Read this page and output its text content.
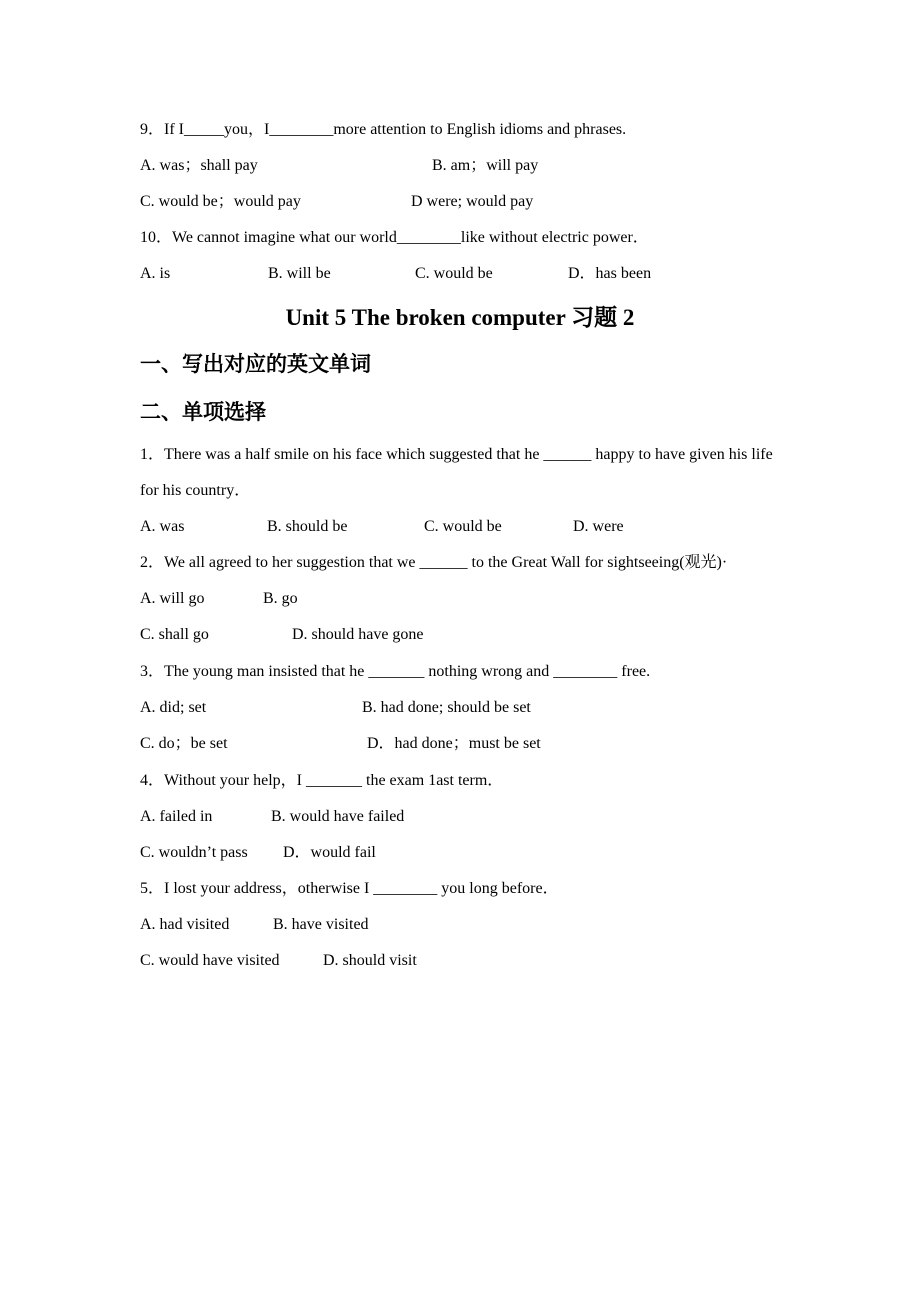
9．If I_____you，I________more attention to English idioms and phrases.
A. was；shall pay	B. am；will pay
C. would be；would pay	D were; would pay
10．We cannot imagine what our world________like without electric power．
A. is	B. will be	C. would be	D．has been
Unit 5 The broken computer 习题 2
一、写出对应的英文单词
二、单项选择
1．There was a half smile on his face which suggested that he ______ happy to have given his life
for his country．
A. was	B. should be	C. would be	D. were
2．We all agreed to her suggestion that we ______ to the Great Wall for sightseeing(观光)·
A. will go	B. go
C. shall go	D. should have gone
3．The young man insisted that he _______ nothing wrong and ________ free.
A. did; set	B. had done; should be set
C. do；be set	D．had done；must be set
4．Without your help，I _______ the exam 1ast term．
A. failed in	B. would have failed
C. wouldn’t pass D．would fail
5．I lost your address，otherwise I ________ you long before．
A. had visited	B. have visited
C. would have visited	D. should visit
